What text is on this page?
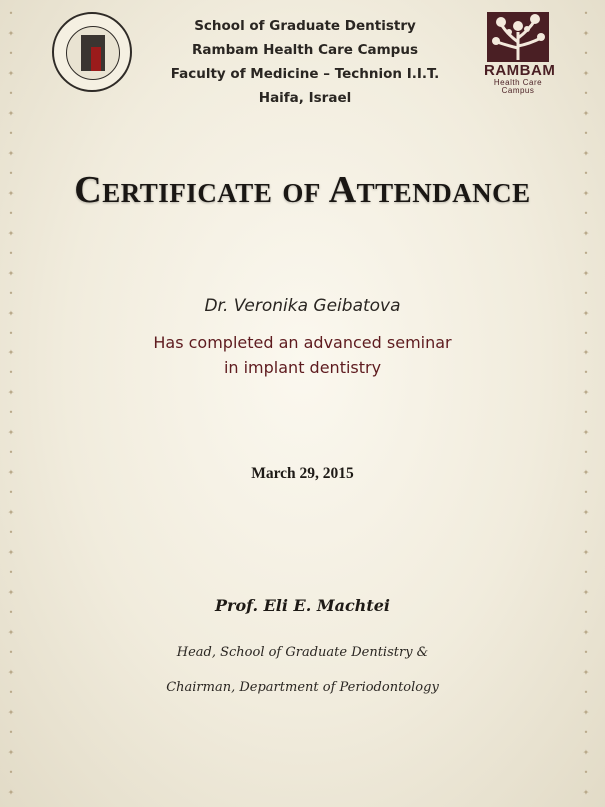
•
✦
•
✦
•
✦
•
✦
•
✦
•
✦
•
✦
•
✦
•
✦
•
✦
•
✦
•
✦
•
✦
•
✦
•
✦
•
✦
•
✦
•
✦
•
✦
•
✦
•
✦
•
✦
•
✦
•
✦
•
✦
•
✦
•
✦
•
✦
•
✦
•
✦
•
✦
•
✦
•
✦
•
✦
•
✦
•
✦
•
✦
•
✦
•
✦
•
✦
School of Graduate Dentistry
Rambam Health Care Campus
Faculty of Medicine – Technion I.I.T.
Haifa, Israel
RAMBAM
Health Care
Campus
Certificate of Attendance
Dr. Veronika Geibatova
Has completed an advanced seminar
in implant dentistry
March 29, 2015
Prof. Eli E. Machtei
Head, School of Graduate Dentistry &
Chairman, Department of Periodontology
